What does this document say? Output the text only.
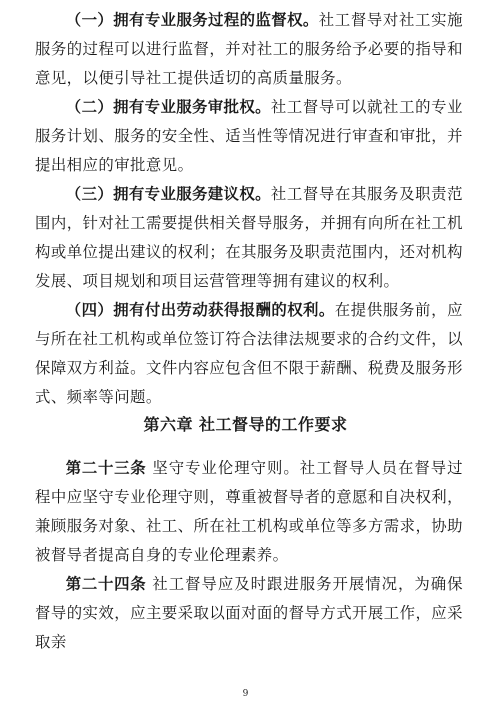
（一）拥有专业服务过程的监督权。社工督导对社工实施服务的过程可以进行监督，并对社工的服务给予必要的指导和意见，以便引导社工提供适切的高质量服务。

（二）拥有专业服务审批权。社工督导可以就社工的专业服务计划、服务的安全性、适当性等情况进行审查和审批，并提出相应的审批意见。

（三）拥有专业服务建议权。社工督导在其服务及职责范围内，针对社工需要提供相关督导服务，并拥有向所在社工机构或单位提出建议的权利；在其服务及职责范围内，还对机构发展、项目规划和项目运营管理等拥有建议的权利。

（四）拥有付出劳动获得报酬的权利。在提供服务前，应与所在社工机构或单位签订符合法律法规要求的合约文件，以保障双方利益。文件内容应包含但不限于薪酬、税费及服务形式、频率等问题。

第六章 社工督导的工作要求

第二十三条 坚守专业伦理守则。社工督导人员在督导过程中应坚守专业伦理守则，尊重被督导者的意愿和自决权利，兼顾服务对象、社工、所在社工机构或单位等多方需求，协助被督导者提高自身的专业伦理素养。

第二十四条 社工督导应及时跟进服务开展情况，为确保督导的实效，应主要采取以面对面的督导方式开展工作，应采取亲

9
